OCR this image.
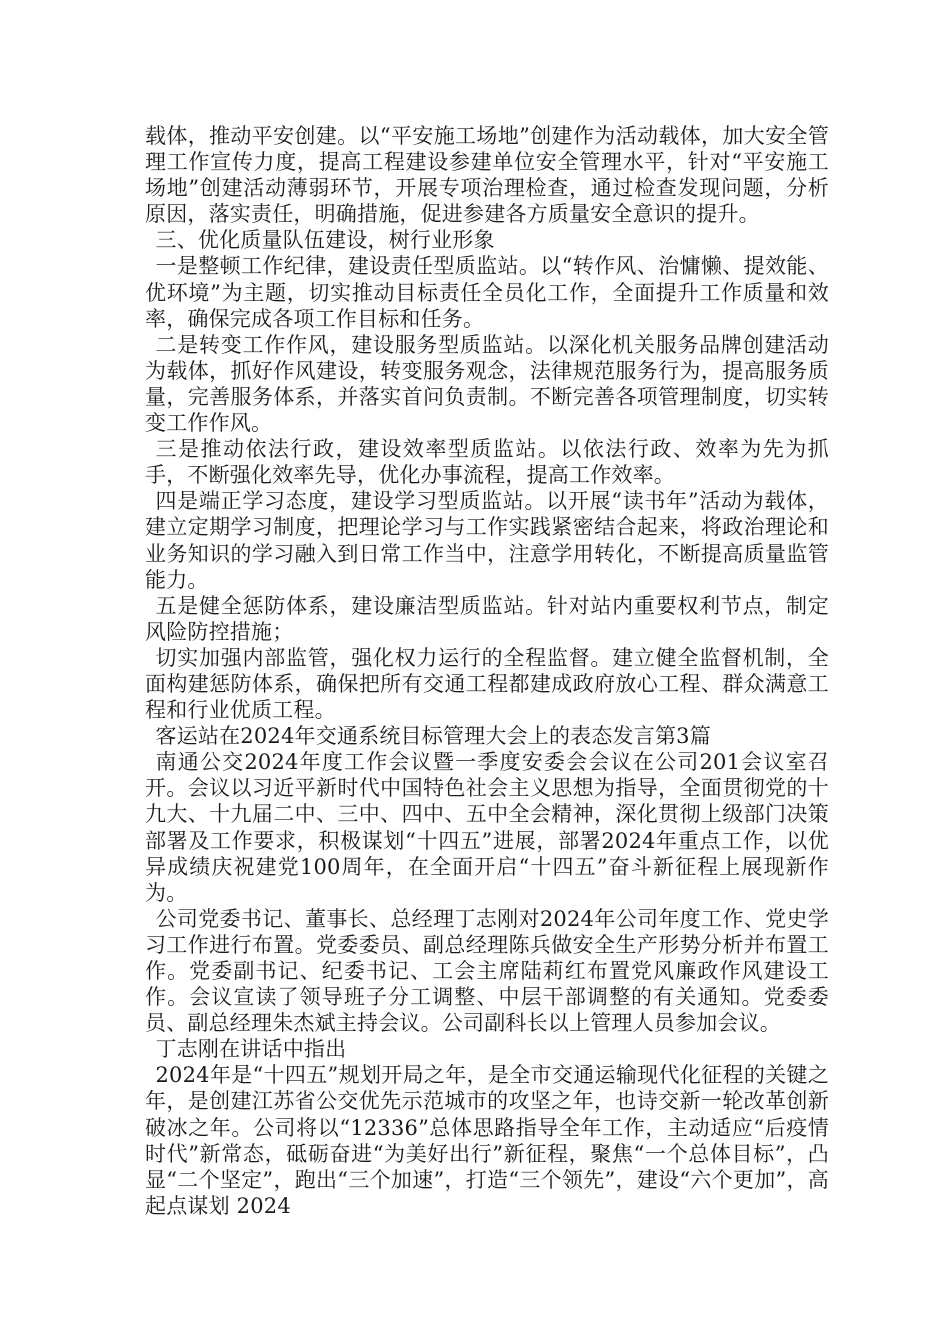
载体，推动平安创建。以“平安施工场地”创建作为活动载体，加大安全管理工作宣传力度，提高工程建设参建单位安全管理水平，针对“平安施工场地”创建活动薄弱环节，开展专项治理检查，通过检查发现问题，分析原因，落实责任，明确措施，促进参建各方质量安全意识的提升。

三、优化质量队伍建设，树行业形象

一是整顿工作纪律，建设责任型质监站。以“转作风、治慵懒、提效能、优环境”为主题，切实推动目标责任全员化工作，全面提升工作质量和效率，确保完成各项工作目标和任务。

二是转变工作作风，建设服务型质监站。以深化机关服务品牌创建活动为载体，抓好作风建设，转变服务观念，法律规范服务行为，提高服务质量，完善服务体系，并落实首问负责制。不断完善各项管理制度，切实转变工作作风。

三是推动依法行政，建设效率型质监站。以依法行政、效率为先为抓手，不断强化效率先导，优化办事流程，提高工作效率。

四是端正学习态度，建设学习型质监站。以开展“读书年”活动为载体，建立定期学习制度，把理论学习与工作实践紧密结合起来，将政治理论和业务知识的学习融入到日常工作当中，注意学用转化，不断提高质量监管能力。

五是健全惩防体系，建设廉洁型质监站。针对站内重要权利节点，制定风险防控措施；

切实加强内部监管，强化权力运行的全程监督。建立健全监督机制，全面构建惩防体系，确保把所有交通工程都建成政府放心工程、群众满意工程和行业优质工程。

客运站在2024年交通系统目标管理大会上的表态发言第3篇

南通公交2024年度工作会议暨一季度安委会会议在公司201会议室召开。会议以习近平新时代中国特色社会主义思想为指导，全面贯彻党的十九大、十九届二中、三中、四中、五中全会精神，深化贯彻上级部门决策部署及工作要求，积极谋划“十四五”进展，部署2024年重点工作，以优异成绩庆祝建党100周年，在全面开启“十四五”奋斗新征程上展现新作为。

公司党委书记、董事长、总经理丁志刚对2024年公司年度工作、党史学习工作进行布置。党委委员、副总经理陈兵做安全生产形势分析并布置工作。党委副书记、纪委书记、工会主席陆莉红布置党风廉政作风建设工作。会议宣读了领导班子分工调整、中层干部调整的有关通知。党委委员、副总经理朱杰斌主持会议。公司副科长以上管理人员参加会议。

丁志刚在讲话中指出

2024年是“十四五”规划开局之年，是全市交通运输现代化征程的关键之年，是创建江苏省公交优先示范城市的攻坚之年，也诗交新一轮改革创新破冰之年。公司将以“12336”总体思路指导全年工作，主动适应“后疫情时代”新常态，砥砺奋进“为美好出行”新征程，聚焦“一个总体目标”，凸显“二个坚定”，跑出“三个加速”，打造“三个领先”，建设“六个更加”，高起点谋划 2024
